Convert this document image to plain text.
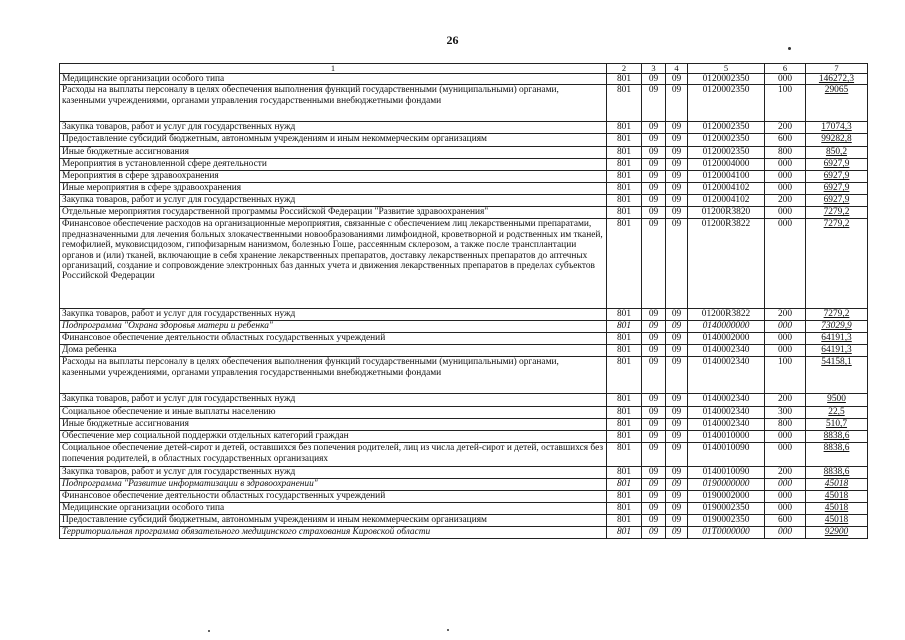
26
1	2	3	4	5	6	7
Медицинские организации особого типа	801	09	09	0120002350	000	146272,3
Расходы на выплаты персоналу в целях обеспечения выполнения функций государственными (муниципальными) органами, казенными учреждениями, органами управления государственными внебюджетными фондами	801	09	09	0120002350	100	29065
Закупка товаров, работ и услуг для государственных нужд	801	09	09	0120002350	200	17074,3
Предоставление субсидий бюджетным, автономным учреждениям и иным некоммерческим организациям	801	09	09	0120002350	600	99282,8
Иные бюджетные ассигнования	801	09	09	0120002350	800	850,2
Мероприятия в установленной сфере деятельности	801	09	09	0120004000	000	6927,9
Мероприятия в сфере здравоохранения	801	09	09	0120004100	000	6927,9
Иные мероприятия в сфере здравоохранения	801	09	09	0120004102	000	6927,9
Закупка товаров, работ и услуг для государственных нужд	801	09	09	0120004102	200	6927,9
Отдельные мероприятия государственной программы Российской Федерации "Развитие здравоохранения"	801	09	09	01200R3820	000	7279,2
Финансовое обеспечение расходов на организационные мероприятия, связанные с обеспечением лиц лекарственными препаратами, предназначенными для лечения больных злокачественными новообразованиями лимфоидной, кроветворной и родственных им тканей, гемофилией, муковисцидозом, гипофизарным нанизмом, болезнью Гоше, рассеянным склерозом, а также после трансплантации органов и (или) тканей, включающие в себя хранение лекарственных препаратов, доставку лекарственных препаратов до аптечных организаций, создание и сопровождение электронных баз данных учета и движения лекарственных препаратов в пределах субъектов Российской Федерации	801	09	09	01200R3822	000	7279,2
Закупка товаров, работ и услуг для государственных нужд	801	09	09	01200R3822	200	7279,2
Подпрограмма "Охрана здоровья матери и ребенка"	801	09	09	0140000000	000	73029,9
Финансовое обеспечение деятельности областных государственных учреждений	801	09	09	0140002000	000	64191,3
Дома ребенка	801	09	09	0140002340	000	64191,3
Расходы на выплаты персоналу в целях обеспечения выполнения функций государственными (муниципальными) органами, казенными учреждениями, органами управления государственными внебюджетными фондами	801	09	09	0140002340	100	54158,1
Закупка товаров, работ и услуг для государственных нужд	801	09	09	0140002340	200	9500
Социальное обеспечение и иные выплаты населению	801	09	09	0140002340	300	22,5
Иные бюджетные ассигнования	801	09	09	0140002340	800	510,7
Обеспечение мер социальной поддержки отдельных категорий граждан	801	09	09	0140010000	000	8838,6
Социальное обеспечение детей-сирот и детей, оставшихся без попечения родителей, лиц из числа детей-сирот и детей, оставшихся без попечения родителей, в областных государственных организациях	801	09	09	0140010090	000	8838,6
Закупка товаров, работ и услуг для государственных нужд	801	09	09	0140010090	200	8838,6
Подпрограмма "Развитие информатизации в здравоохранении"	801	09	09	0190000000	000	45018
Финансовое обеспечение деятельности областных государственных учреждений	801	09	09	0190002000	000	45018
Медицинские организации особого типа	801	09	09	0190002350	000	45018
Предоставление субсидий бюджетным, автономным учреждениям и иным некоммерческим организациям	801	09	09	0190002350	600	45018
Территориальная программа обязательного медицинского страхования Кировской области	801	09	09	01Т0000000	000	92900
